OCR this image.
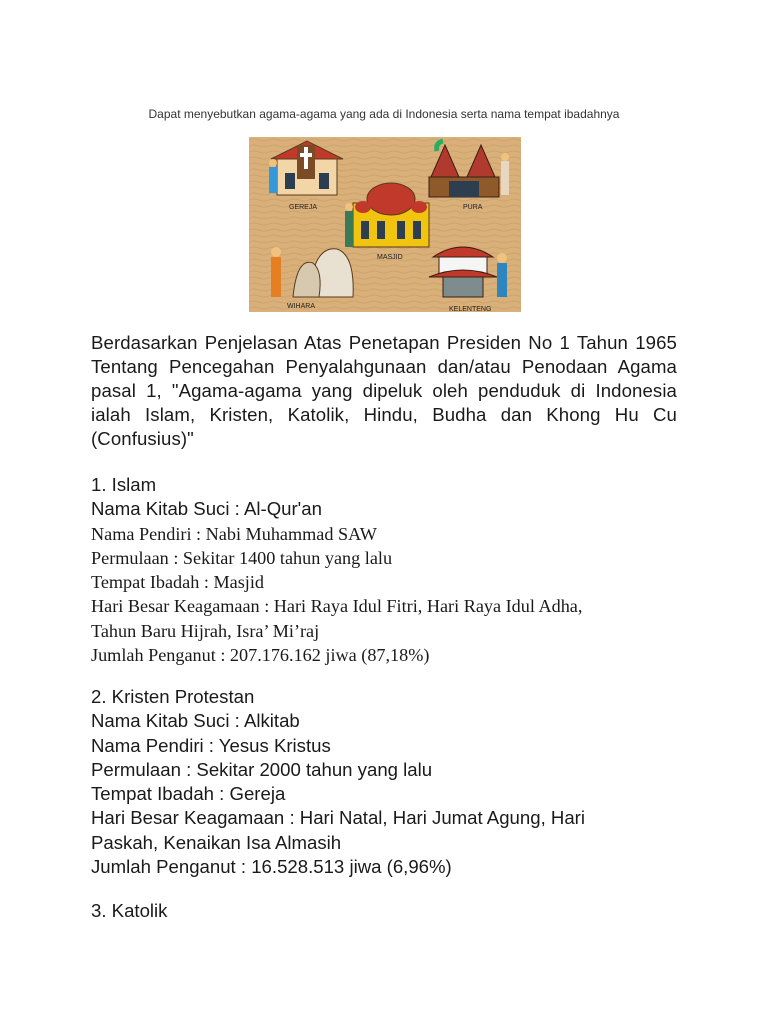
Dapat menyebutkan agama-agama yang ada di Indonesia serta nama tempat ibadahnya
GEREJA	PURA
MASJID
WIHARA	KELENTENG
Berdasarkan Penjelasan Atas Penetapan Presiden No 1 Tahun 1965 Tentang Pencegahan Penyalahgunaan dan/atau Penodaan Agama pasal 1, "Agama-agama yang dipeluk oleh penduduk di Indonesia ialah Islam, Kristen, Katolik, Hindu, Budha dan Khong Hu Cu (Confusius)"
1. Islam
Nama Kitab Suci : Al-Qur'an
Nama Pendiri : Nabi Muhammad SAW
Permulaan : Sekitar 1400 tahun yang lalu
Tempat Ibadah : Masjid
Hari Besar Keagamaan : Hari Raya Idul Fitri, Hari Raya Idul Adha,
Tahun Baru Hijrah, Isra’ Mi’raj
Jumlah Penganut : 207.176.162 jiwa (87,18%)
2. Kristen Protestan
Nama Kitab Suci : Alkitab
Nama Pendiri : Yesus Kristus
Permulaan : Sekitar 2000 tahun yang lalu
Tempat Ibadah : Gereja
Hari Besar Keagamaan : Hari Natal, Hari Jumat Agung, Hari Paskah, Kenaikan Isa Almasih
Jumlah Penganut : 16.528.513 jiwa (6,96%)
3. Katolik
